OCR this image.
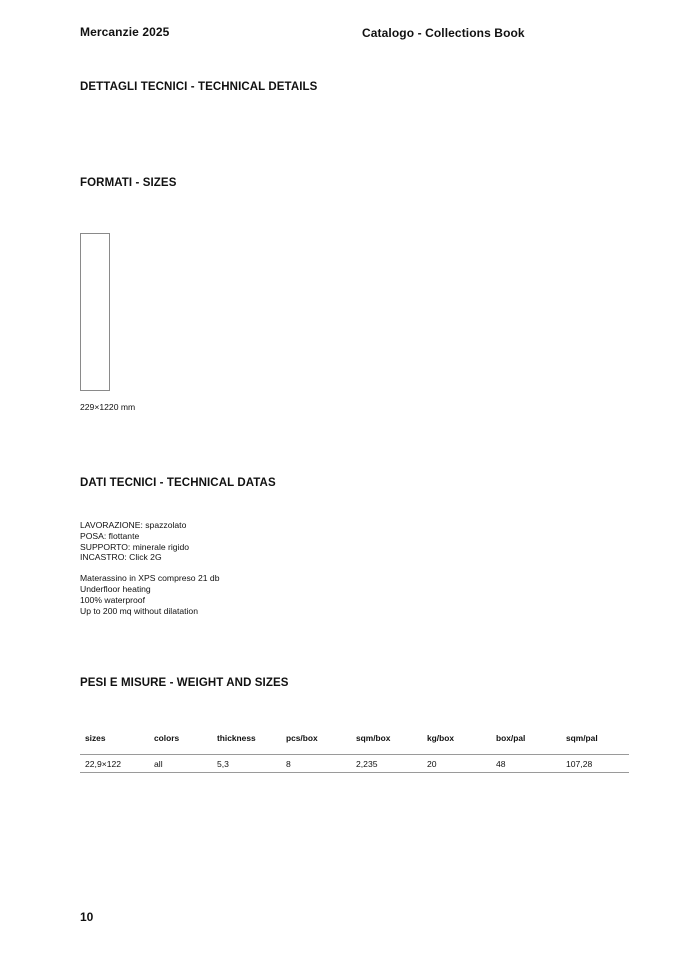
Mercanzie 2025	Catalogo - Collections Book
DETTAGLI TECNICI - TECHNICAL DETAILS
FORMATI - SIZES
229×1220 mm
DATI TECNICI - TECHNICAL DATAS
LAVORAZIONE: spazzolato
POSA: flottante
SUPPORTO: minerale rigido
INCASTRO: Click 2G
Materassino in XPS compreso 21 db
Underfloor heating
100% waterproof
Up to 200 mq without dilatation
PESI E MISURE - WEIGHT AND SIZES
sizes	colors	thickness	pcs/box	sqm/box	kg/box	box/pal	sqm/pal
22,9×122	all	5,3	8	2,235	20	48	107,28
10
